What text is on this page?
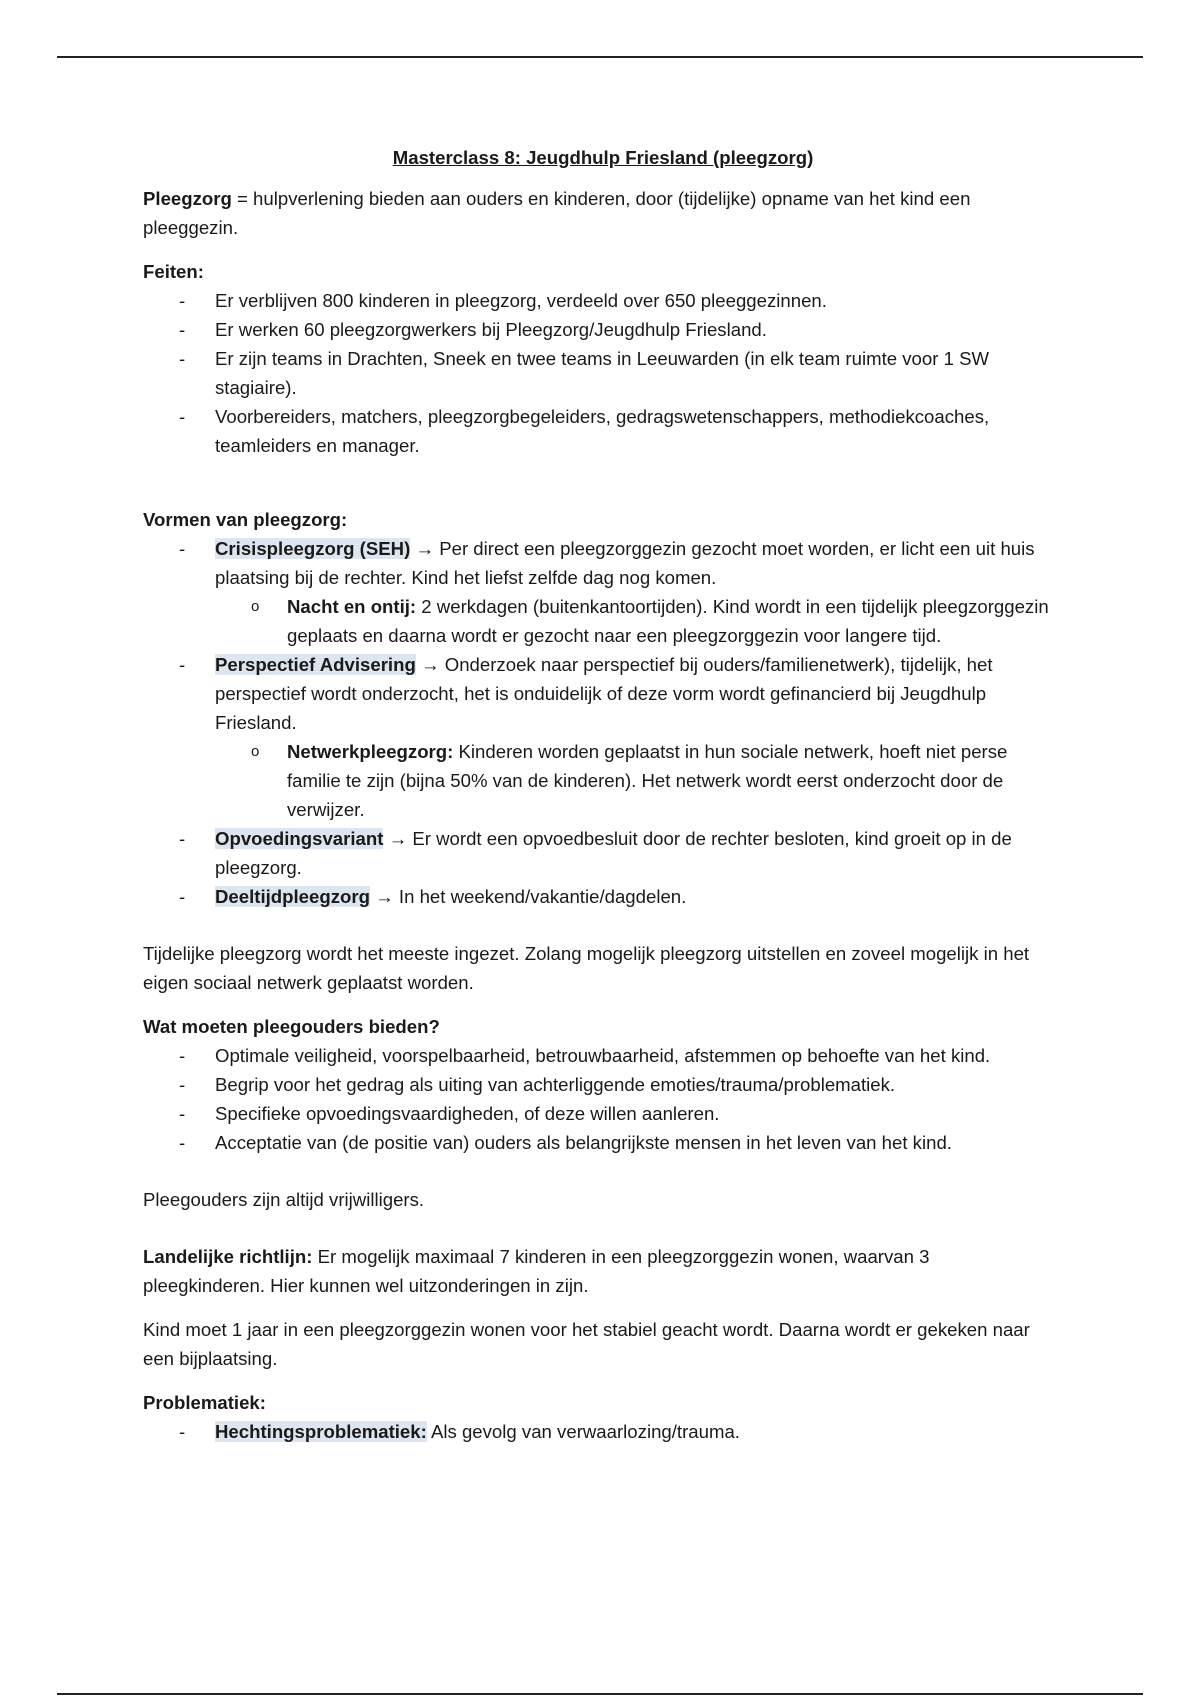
Masterclass 8: Jeugdhulp Friesland (pleegzorg)

Pleegzorg = hulpverlening bieden aan ouders en kinderen, door (tijdelijke) opname van het kind een pleeggezin.

Feiten:

- Er verblijven 800 kinderen in pleegzorg, verdeeld over 650 pleeggezinnen.
- Er werken 60 pleegzorgwerkers bij Pleegzorg/Jeugdhulp Friesland.
- Er zijn teams in Drachten, Sneek en twee teams in Leeuwarden (in elk team ruimte voor 1 SW stagiaire).
- Voorbereiders, matchers, pleegzorgbegeleiders, gedragswetenschappers, methodiekcoaches, teamleiders en manager.

Vormen van pleegzorg:

- Crisispleegzorg (SEH) → Per direct een pleegzorggezin gezocht moet worden, er licht een uit huis plaatsing bij de rechter. Kind het liefst zelfde dag nog komen.
o Nacht en ontij: 2 werkdagen (buitenkantoortijden). Kind wordt in een tijdelijk pleegzorggezin geplaats en daarna wordt er gezocht naar een pleegzorggezin voor langere tijd.
- Perspectief Advisering → Onderzoek naar perspectief bij ouders/familienetwerk), tijdelijk, het perspectief wordt onderzocht, het is onduidelijk of deze vorm wordt gefinancierd bij Jeugdhulp Friesland.
o Netwerkpleegzorg: Kinderen worden geplaatst in hun sociale netwerk, hoeft niet perse familie te zijn (bijna 50% van de kinderen). Het netwerk wordt eerst onderzocht door de verwijzer.
- Opvoedingsvariant → Er wordt een opvoedbesluit door de rechter besloten, kind groeit op in de pleegzorg.
- Deeltijdpleegzorg → In het weekend/vakantie/dagdelen.

Tijdelijke pleegzorg wordt het meeste ingezet. Zolang mogelijk pleegzorg uitstellen en zoveel mogelijk in het eigen sociaal netwerk geplaatst worden.

Wat moeten pleegouders bieden?

- Optimale veiligheid, voorspelbaarheid, betrouwbaarheid, afstemmen op behoefte van het kind.
- Begrip voor het gedrag als uiting van achterliggende emoties/trauma/problematiek.
- Specifieke opvoedingsvaardigheden, of deze willen aanleren.
- Acceptatie van (de positie van) ouders als belangrijkste mensen in het leven van het kind.

Pleegouders zijn altijd vrijwilligers.

Landelijke richtlijn: Er mogelijk maximaal 7 kinderen in een pleegzorggezin wonen, waarvan 3 pleegkinderen. Hier kunnen wel uitzonderingen in zijn.

Kind moet 1 jaar in een pleegzorggezin wonen voor het stabiel geacht wordt. Daarna wordt er gekeken naar een bijplaatsing.

Problematiek:

- Hechtingsproblematiek: Als gevolg van verwaarlozing/trauma.
